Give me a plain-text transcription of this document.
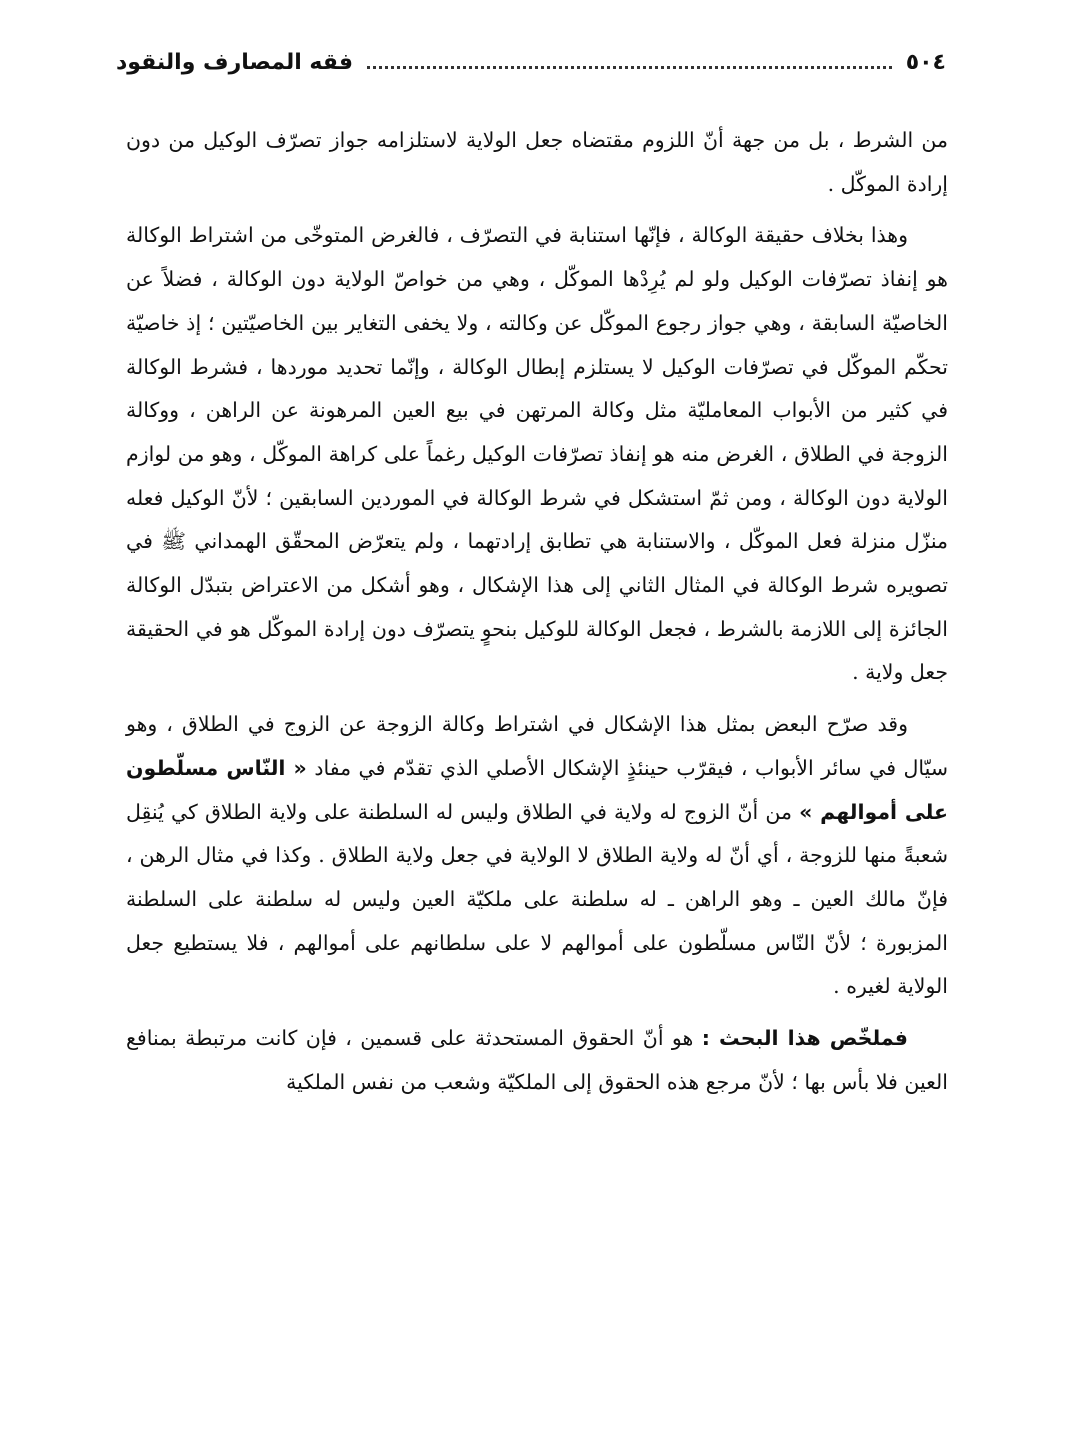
٥٠٤
فقه المصارف والنقود

من الشرط ، بل من جهة أنّ اللزوم مقتضاه جعل الولاية لاستلزامه جواز تصرّف الوكيل من دون إرادة الموكّل .

وهذا بخلاف حقيقة الوكالة ، فإنّها استنابة في التصرّف ، فالغرض المتوخّى من اشتراط الوكالة هو إنفاذ تصرّفات الوكيل ولو لم يُرِدْها الموكّل ، وهي من خواصّ الولاية دون الوكالة ، فضلاً عن الخاصيّة السابقة ، وهي جواز رجوع الموكّل عن وكالته ، ولا يخفى التغاير بين الخاصيّتين ؛ إذ خاصيّة تحكّم الموكّل في تصرّفات الوكيل لا يستلزم إبطال الوكالة ، وإنّما تحديد موردها ، فشرط الوكالة في كثير من الأبواب المعامليّة مثل وكالة المرتهن في بيع العين المرهونة عن الراهن ، ووكالة الزوجة في الطلاق ، الغرض منه هو إنفاذ تصرّفات الوكيل رغماً على كراهة الموكّل ، وهو من لوازم الولاية دون الوكالة ، ومن ثمّ استشكل في شرط الوكالة في الموردين السابقين ؛ لأنّ الوكيل فعله منزّل منزلة فعل الموكّل ، والاستنابة هي تطابق إرادتهما ، ولم يتعرّض المحقّق الهمداني ﷺ في تصويره شرط الوكالة في المثال الثاني إلى هذا الإشكال ، وهو أشكل من الاعتراض بتبدّل الوكالة الجائزة إلى اللازمة بالشرط ، فجعل الوكالة للوكيل بنحوٍ يتصرّف دون إرادة الموكّل هو في الحقيقة جعل ولاية .

وقد صرّح البعض بمثل هذا الإشكال في اشتراط وكالة الزوجة عن الزوج في الطلاق ، وهو سيّال في سائر الأبواب ، فيقرّب حينئذٍ الإشكال الأصلي الذي تقدّم في مفاد « النّاس مسلّطون على أموالهم » من أنّ الزوج له ولاية في الطلاق وليس له السلطنة على ولاية الطلاق كي يُنقِل شعبةً منها للزوجة ، أي أنّ له ولاية الطلاق لا الولاية في جعل ولاية الطلاق . وكذا في مثال الرهن ، فإنّ مالك العين ـ وهو الراهن ـ له سلطنة على ملكيّة العين وليس له سلطنة على السلطنة المزبورة ؛ لأنّ النّاس مسلّطون على أموالهم لا على سلطانهم على أموالهم ، فلا يستطيع جعل الولاية لغيره .

فملخّص هذا البحث : هو أنّ الحقوق المستحدثة على قسمين ، فإن كانت مرتبطة بمنافع العين فلا بأس بها ؛ لأنّ مرجع هذه الحقوق إلى الملكيّة وشعب من نفس الملكية
